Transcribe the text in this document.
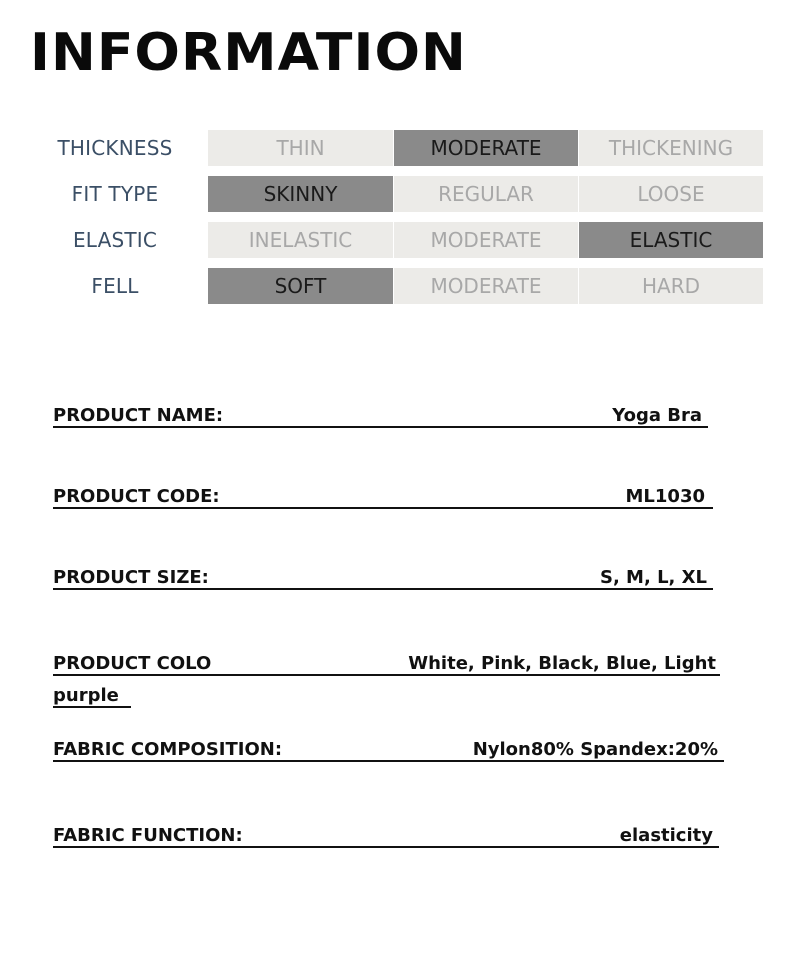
INFORMATION
THICKNESS	THIN	MODERATE	THICKENING
FIT TYPE	SKINNY	REGULAR	LOOSE
ELASTIC	INELASTIC	MODERATE	ELASTIC
FELL	SOFT	MODERATE	HARD
PRODUCT NAME:	Yoga Bra
PRODUCT CODE:	ML1030
PRODUCT SIZE:	S, M, L, XL
PRODUCT COLO	White, Pink, Black, Blue, Light
purple
FABRIC COMPOSITION:	Nylon80% Spandex:20%
FABRIC FUNCTION:	elasticity
